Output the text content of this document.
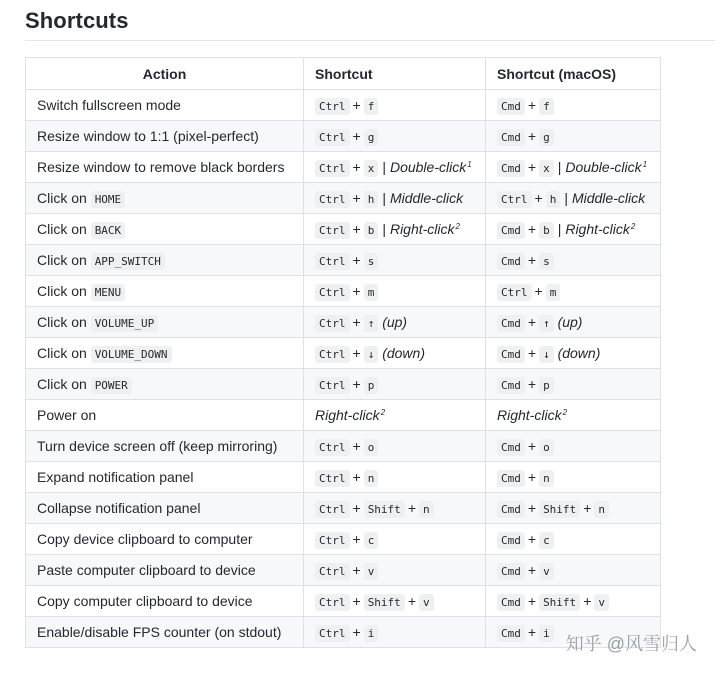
Shortcuts
Action	Shortcut	Shortcut (macOS)
Switch fullscreen mode	Ctrl + f	Cmd + f
Resize window to 1:1 (pixel-perfect)	Ctrl + g	Cmd + g
Resize window to remove black borders	Ctrl + x | Double-click$^1$	Cmd + x | Double-click$^1$
Click on HOME	Ctrl + h | Middle-click	Ctrl + h | Middle-click
Click on BACK	Ctrl + b | Right-click$^2$	Cmd + b | Right-click$^2$
Click on APP_SWITCH	Ctrl + s	Cmd + s
Click on MENU	Ctrl + m	Ctrl + m
Click on VOLUME_UP	Ctrl + ↑ (up)	Cmd + ↑ (up)
Click on VOLUME_DOWN	Ctrl + ↓ (down)	Cmd + ↓ (down)
Click on POWER	Ctrl + p	Cmd + p
Power on	Right-click$^2$	Right-click$^2$
Turn device screen off (keep mirroring)	Ctrl + o	Cmd + o
Expand notification panel	Ctrl + n	Cmd + n
Collapse notification panel	Ctrl + Shift + n	Cmd + Shift + n
Copy device clipboard to computer	Ctrl + c	Cmd + c
Paste computer clipboard to device	Ctrl + v	Cmd + v
Copy computer clipboard to device	Ctrl + Shift + v	Cmd + Shift + v
Enable/disable FPS counter (on stdout)	Ctrl + i	Cmd + i
知乎 @风雪归人
